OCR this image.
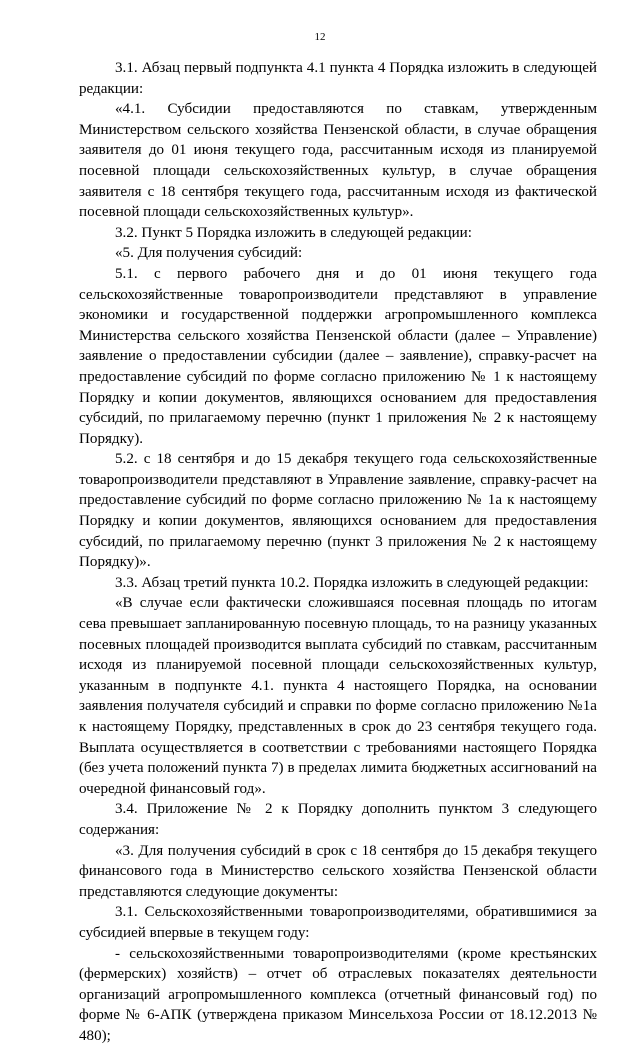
12

3.1. Абзац первый подпункта 4.1 пункта 4 Порядка изложить в следующей редакции:

«4.1. Субсидии предоставляются по ставкам, утвержденным Министерством сельского хозяйства Пензенской области, в случае обращения заявителя до 01 июня текущего года, рассчитанным исходя из планируемой посевной площади сельскохозяйственных культур, в случае обращения заявителя с 18 сентября текущего года, рассчитанным исходя из фактической посевной площади сельскохозяйственных культур».

3.2. Пункт 5 Порядка изложить в следующей редакции:

«5. Для получения субсидий:

5.1. с первого рабочего дня и до 01 июня текущего года сельскохозяйственные товаропроизводители представляют в управление экономики и государственной поддержки агропромышленного комплекса Министерства сельского хозяйства Пензенской области (далее – Управление) заявление о предоставлении субсидии (далее – заявление), справку-расчет на предоставление субсидий по форме согласно приложению № 1 к настоящему Порядку и копии документов, являющихся основанием для предоставления субсидий, по прилагаемому перечню (пункт 1 приложения № 2 к настоящему Порядку).

5.2. с 18 сентября и до 15 декабря текущего года сельскохозяйственные товаропроизводители представляют в Управление заявление, справку-расчет на предоставление субсидий по форме согласно приложению № 1а к настоящему Порядку и копии документов, являющихся основанием для предоставления субсидий, по прилагаемому перечню (пункт 3 приложения № 2 к настоящему Порядку)».

3.3. Абзац третий пункта 10.2. Порядка изложить в следующей редакции:

«В случае если фактически сложившаяся посевная площадь по итогам сева превышает запланированную посевную площадь, то на разницу указанных посевных площадей производится выплата субсидий по ставкам, рассчитанным исходя из планируемой посевной площади сельскохозяйственных культур, указанным в подпункте 4.1. пункта 4 настоящего Порядка, на основании заявления получателя субсидий и справки по форме согласно приложению №1а к настоящему Порядку, представленных в срок до 23 сентября текущего года. Выплата осуществляется в соответствии с требованиями настоящего Порядка (без учета положений пункта 7) в пределах лимита бюджетных ассигнований на очередной финансовый год».

3.4. Приложение № 2 к Порядку дополнить пунктом 3 следующего содержания:

«3. Для получения субсидий в срок с 18 сентября до 15 декабря текущего финансового года в Министерство сельского хозяйства Пензенской области представляются следующие документы:

3.1. Сельскохозяйственными товаропроизводителями, обратившимися за субсидией впервые в текущем году:

- сельскохозяйственными товаропроизводителями (кроме крестьянских (фермерских) хозяйств) – отчет об отраслевых показателях деятельности организаций агропромышленного комплекса (отчетный финансовый год) по форме № 6-АПК (утверждена приказом Минсельхоза России от 18.12.2013 № 480);
